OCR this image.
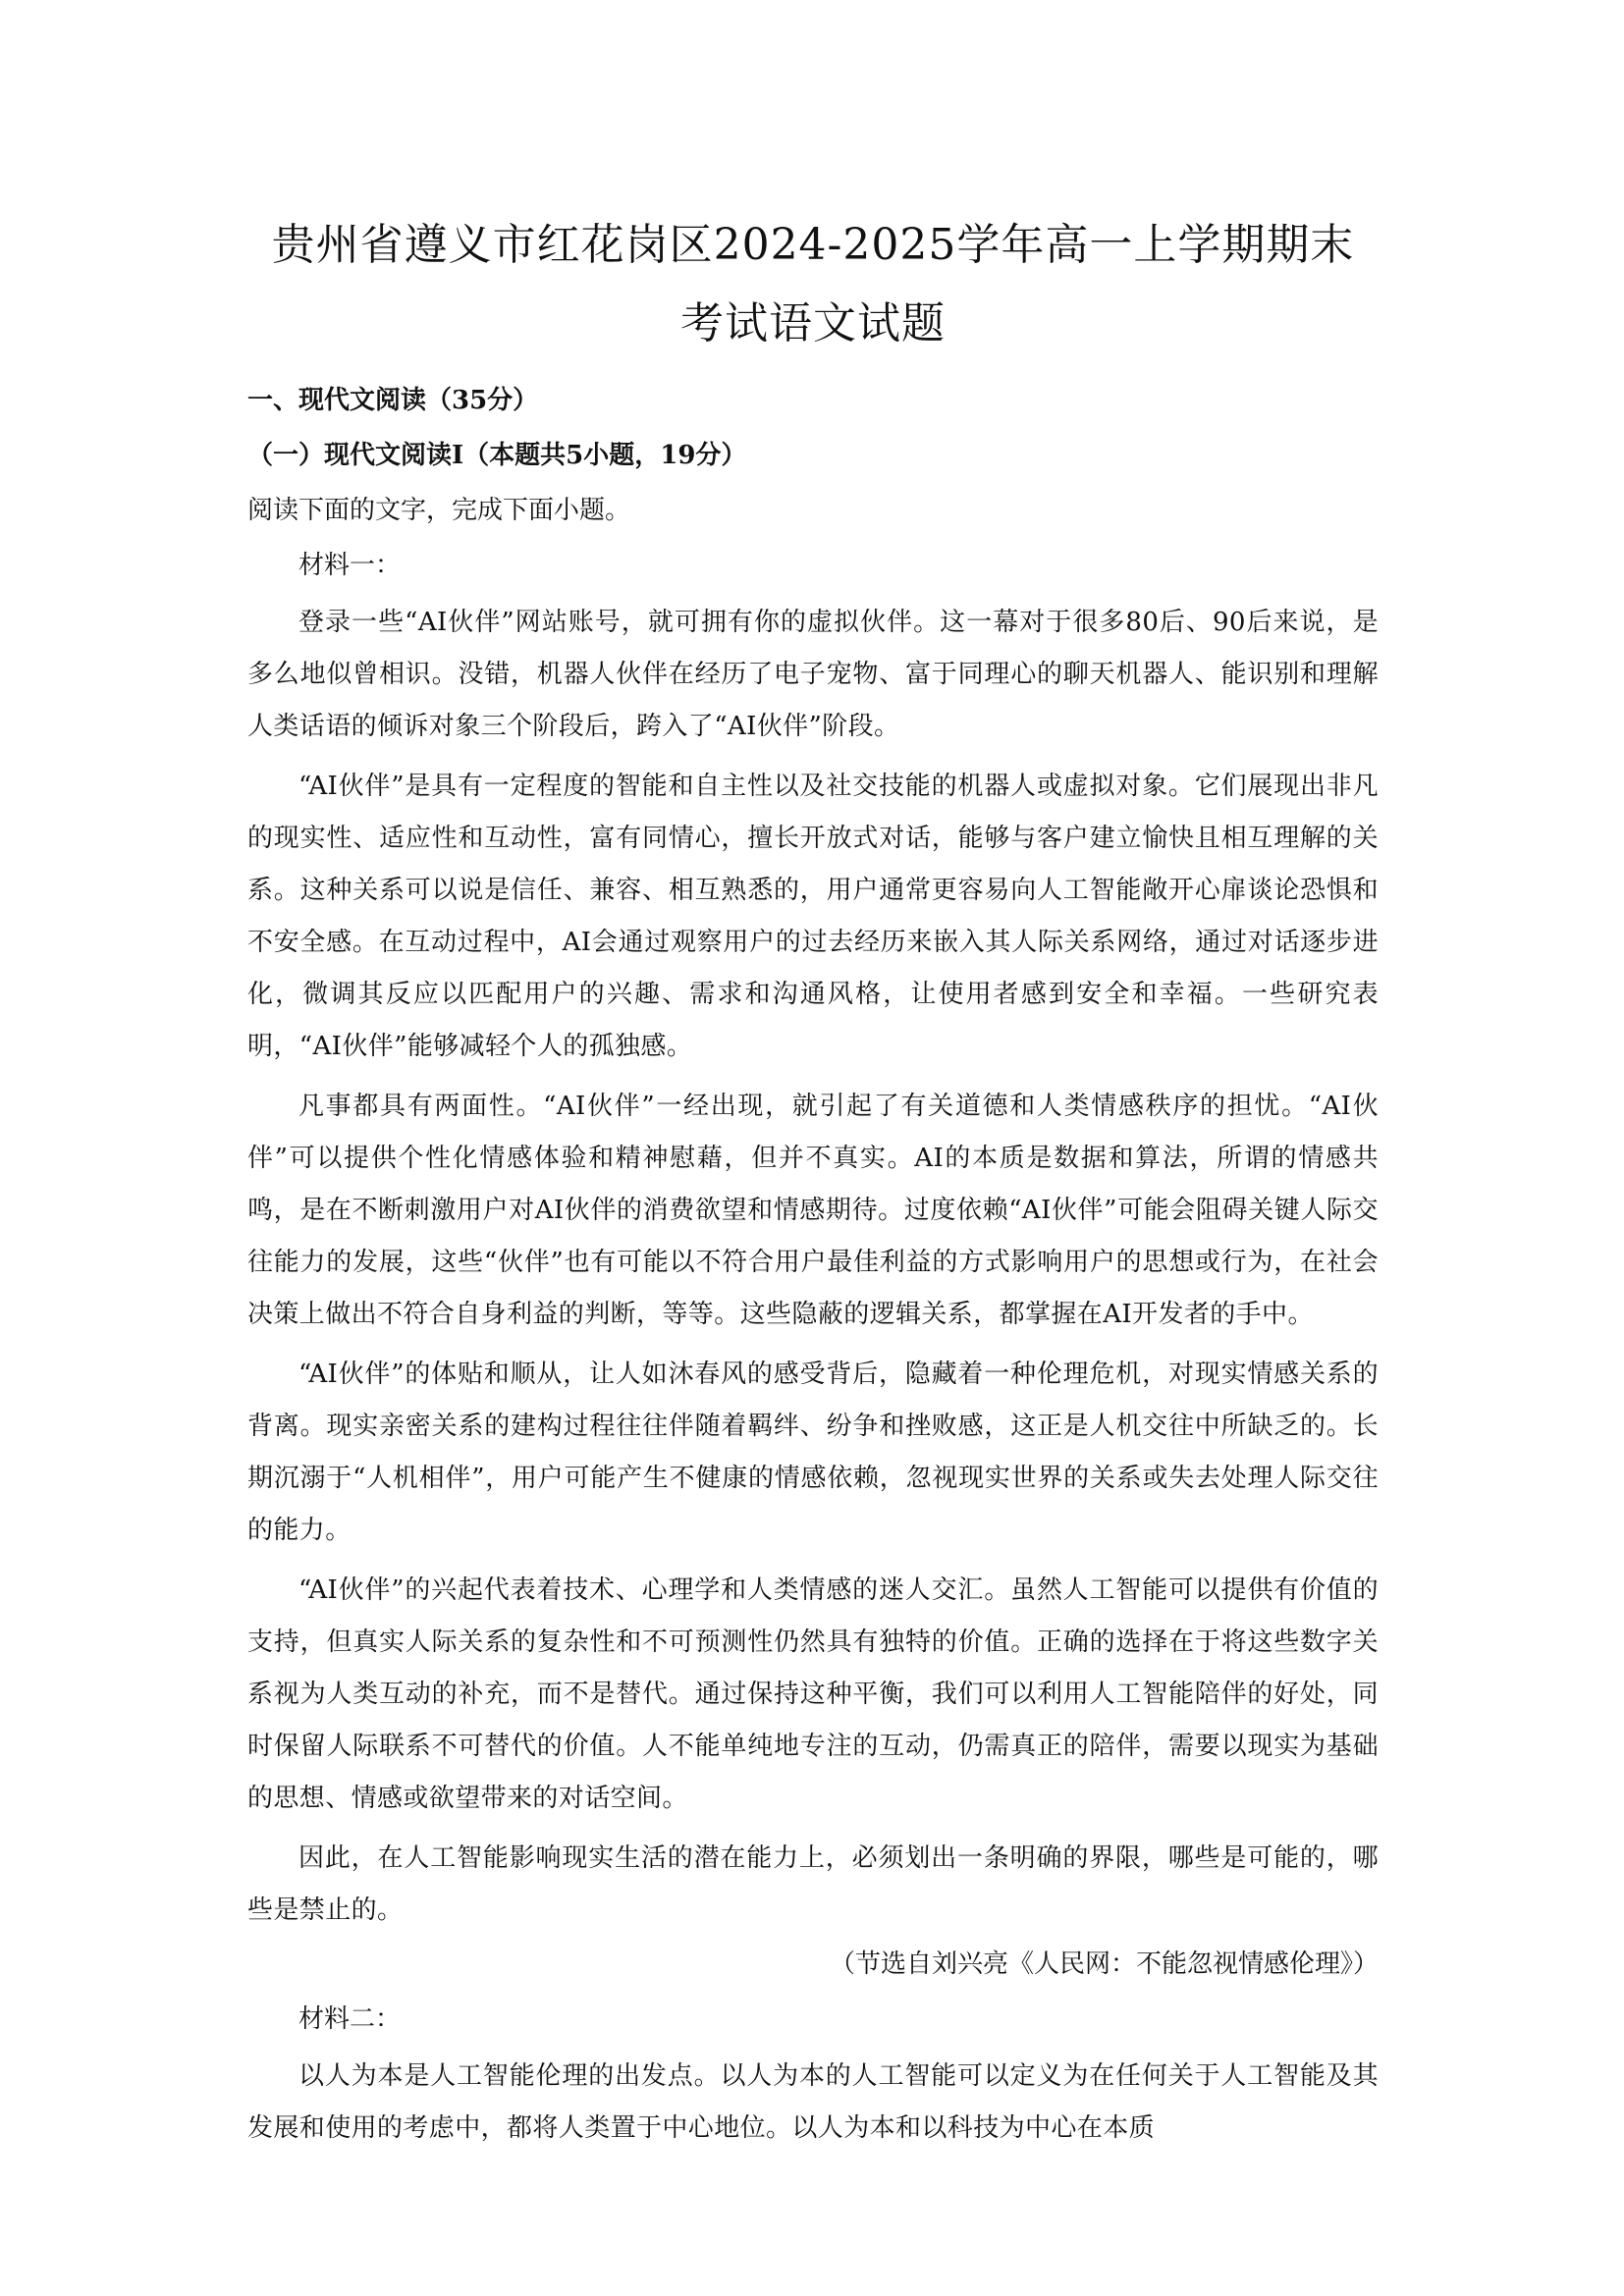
贵州省遵义市红花岗区2024-2025学年高一上学期期末
考试语文试题
一、现代文阅读（35分）
（一）现代文阅读Ⅰ（本题共5小题，19分）
阅读下面的文字，完成下面小题。
材料一：

登录一些“AI伙伴”网站账号，就可拥有你的虚拟伙伴。这一幕对于很多80后、90后来说，是多么地似曾相识。没错，机器人伙伴在经历了电子宠物、富于同理心的聊天机器人、能识别和理解人类话语的倾诉对象三个阶段后，跨入了“AI伙伴”阶段。

“AI伙伴”是具有一定程度的智能和自主性以及社交技能的机器人或虚拟对象。它们展现出非凡的现实性、适应性和互动性，富有同情心，擅长开放式对话，能够与客户建立愉快且相互理解的关系。这种关系可以说是信任、兼容、相互熟悉的，用户通常更容易向人工智能敞开心扉谈论恐惧和不安全感。在互动过程中，AI会通过观察用户的过去经历来嵌入其人际关系网络，通过对话逐步进化，微调其反应以匹配用户的兴趣、需求和沟通风格，让使用者感到安全和幸福。一些研究表明，“AI伙伴”能够减轻个人的孤独感。

凡事都具有两面性。“AI伙伴”一经出现，就引起了有关道德和人类情感秩序的担忧。“AI伙伴”可以提供个性化情感体验和精神慰藉，但并不真实。AI的本质是数据和算法，所谓的情感共鸣，是在不断刺激用户对AI伙伴的消费欲望和情感期待。过度依赖“AI伙伴”可能会阻碍关键人际交往能力的发展，这些“伙伴”也有可能以不符合用户最佳利益的方式影响用户的思想或行为，在社会决策上做出不符合自身利益的判断，等等。这些隐蔽的逻辑关系，都掌握在AI开发者的手中。

“AI伙伴”的体贴和顺从，让人如沐春风的感受背后，隐藏着一种伦理危机，对现实情感关系的背离。现实亲密关系的建构过程往往伴随着羁绊、纷争和挫败感，这正是人机交往中所缺乏的。长期沉溺于“人机相伴”，用户可能产生不健康的情感依赖，忽视现实世界的关系或失去处理人际交往的能力。

“AI伙伴”的兴起代表着技术、心理学和人类情感的迷人交汇。虽然人工智能可以提供有价值的支持，但真实人际关系的复杂性和不可预测性仍然具有独特的价值。正确的选择在于将这些数字关系视为人类互动的补充，而不是替代。通过保持这种平衡，我们可以利用人工智能陪伴的好处，同时保留人际联系不可替代的价值。人不能单纯地专注的互动，仍需真正的陪伴，需要以现实为基础的思想、情感或欲望带来的对话空间。

因此，在人工智能影响现实生活的潜在能力上，必须划出一条明确的界限，哪些是可能的，哪些是禁止的。

（节选自刘兴亮《人民网：不能忽视情感伦理》）
材料二：

以人为本是人工智能伦理的出发点。以人为本的人工智能可以定义为在任何关于人工智能及其发展和使用的考虑中，都将人类置于中心地位。以人为本和以科技为中心在本质
